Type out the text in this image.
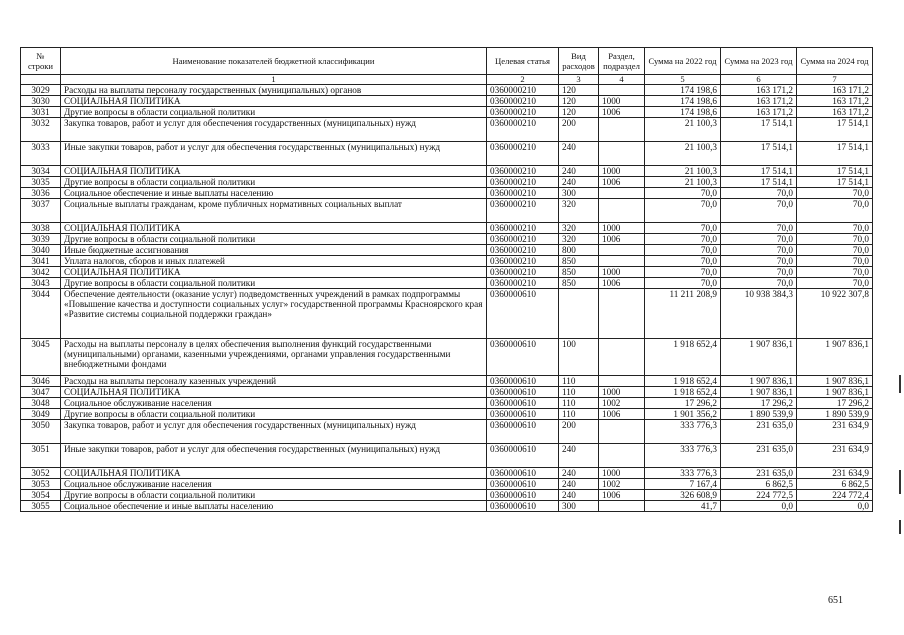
№ строки	Наименование показателей бюджетной классификации	Целевая статья	Вид расходов	Раздел, подраздел	Сумма на 2022 год	Сумма на 2023 год	Сумма на 2024 год
	1	2	3	4	5	6	7
3029	Расходы на выплаты персоналу государственных (муниципальных) органов	0360000210	120		174 198,6	163 171,2	163 171,2
3030	СОЦИАЛЬНАЯ ПОЛИТИКА	0360000210	120	1000	174 198,6	163 171,2	163 171,2
3031	Другие вопросы в области социальной политики	0360000210	120	1006	174 198,6	163 171,2	163 171,2
3032	Закупка товаров, работ и услуг для обеспечения государственных (муниципальных) нужд	0360000210	200		21 100,3	17 514,1	17 514,1
3033	Иные закупки товаров, работ и услуг для обеспечения государственных (муниципальных) нужд	0360000210	240		21 100,3	17 514,1	17 514,1
3034	СОЦИАЛЬНАЯ ПОЛИТИКА	0360000210	240	1000	21 100,3	17 514,1	17 514,1
3035	Другие вопросы в области социальной политики	0360000210	240	1006	21 100,3	17 514,1	17 514,1
3036	Социальное обеспечение и иные выплаты населению	0360000210	300		70,0	70,0	70,0
3037	Социальные выплаты гражданам, кроме публичных нормативных социальных выплат	0360000210	320		70,0	70,0	70,0
3038	СОЦИАЛЬНАЯ ПОЛИТИКА	0360000210	320	1000	70,0	70,0	70,0
3039	Другие вопросы в области социальной политики	0360000210	320	1006	70,0	70,0	70,0
3040	Иные бюджетные ассигнования	0360000210	800		70,0	70,0	70,0
3041	Уплата налогов, сборов и иных платежей	0360000210	850		70,0	70,0	70,0
3042	СОЦИАЛЬНАЯ ПОЛИТИКА	0360000210	850	1000	70,0	70,0	70,0
3043	Другие вопросы в области социальной политики	0360000210	850	1006	70,0	70,0	70,0
3044	Обеспечение деятельности (оказание услуг) подведомственных учреждений в рамках подпрограммы «Повышение качества и доступности социальных услуг» государственной программы Красноярского края «Развитие системы социальной поддержки граждан»	0360000610			11 211 208,9	10 938 384,3	10 922 307,8
3045	Расходы на выплаты персоналу в целях обеспечения выполнения функций государственными (муниципальными) органами, казенными учреждениями, органами управления государственными внебюджетными фондами	0360000610	100		1 918 652,4	1 907 836,1	1 907 836,1
3046	Расходы на выплаты персоналу казенных учреждений	0360000610	110		1 918 652,4	1 907 836,1	1 907 836,1
3047	СОЦИАЛЬНАЯ ПОЛИТИКА	0360000610	110	1000	1 918 652,4	1 907 836,1	1 907 836,1
3048	Социальное обслуживание населения	0360000610	110	1002	17 296,2	17 296,2	17 296,2
3049	Другие вопросы в области социальной политики	0360000610	110	1006	1 901 356,2	1 890 539,9	1 890 539,9
3050	Закупка товаров, работ и услуг для обеспечения государственных (муниципальных) нужд	0360000610	200		333 776,3	231 635,0	231 634,9
3051	Иные закупки товаров, работ и услуг для обеспечения государственных (муниципальных) нужд	0360000610	240		333 776,3	231 635,0	231 634,9
3052	СОЦИАЛЬНАЯ ПОЛИТИКА	0360000610	240	1000	333 776,3	231 635,0	231 634,9
3053	Социальное обслуживание населения	0360000610	240	1002	7 167,4	6 862,5	6 862,5
3054	Другие вопросы в области социальной политики	0360000610	240	1006	326 608,9	224 772,5	224 772,4
3055	Социальное обеспечение и иные выплаты населению	0360000610	300		41,7	0,0	0,0
651
